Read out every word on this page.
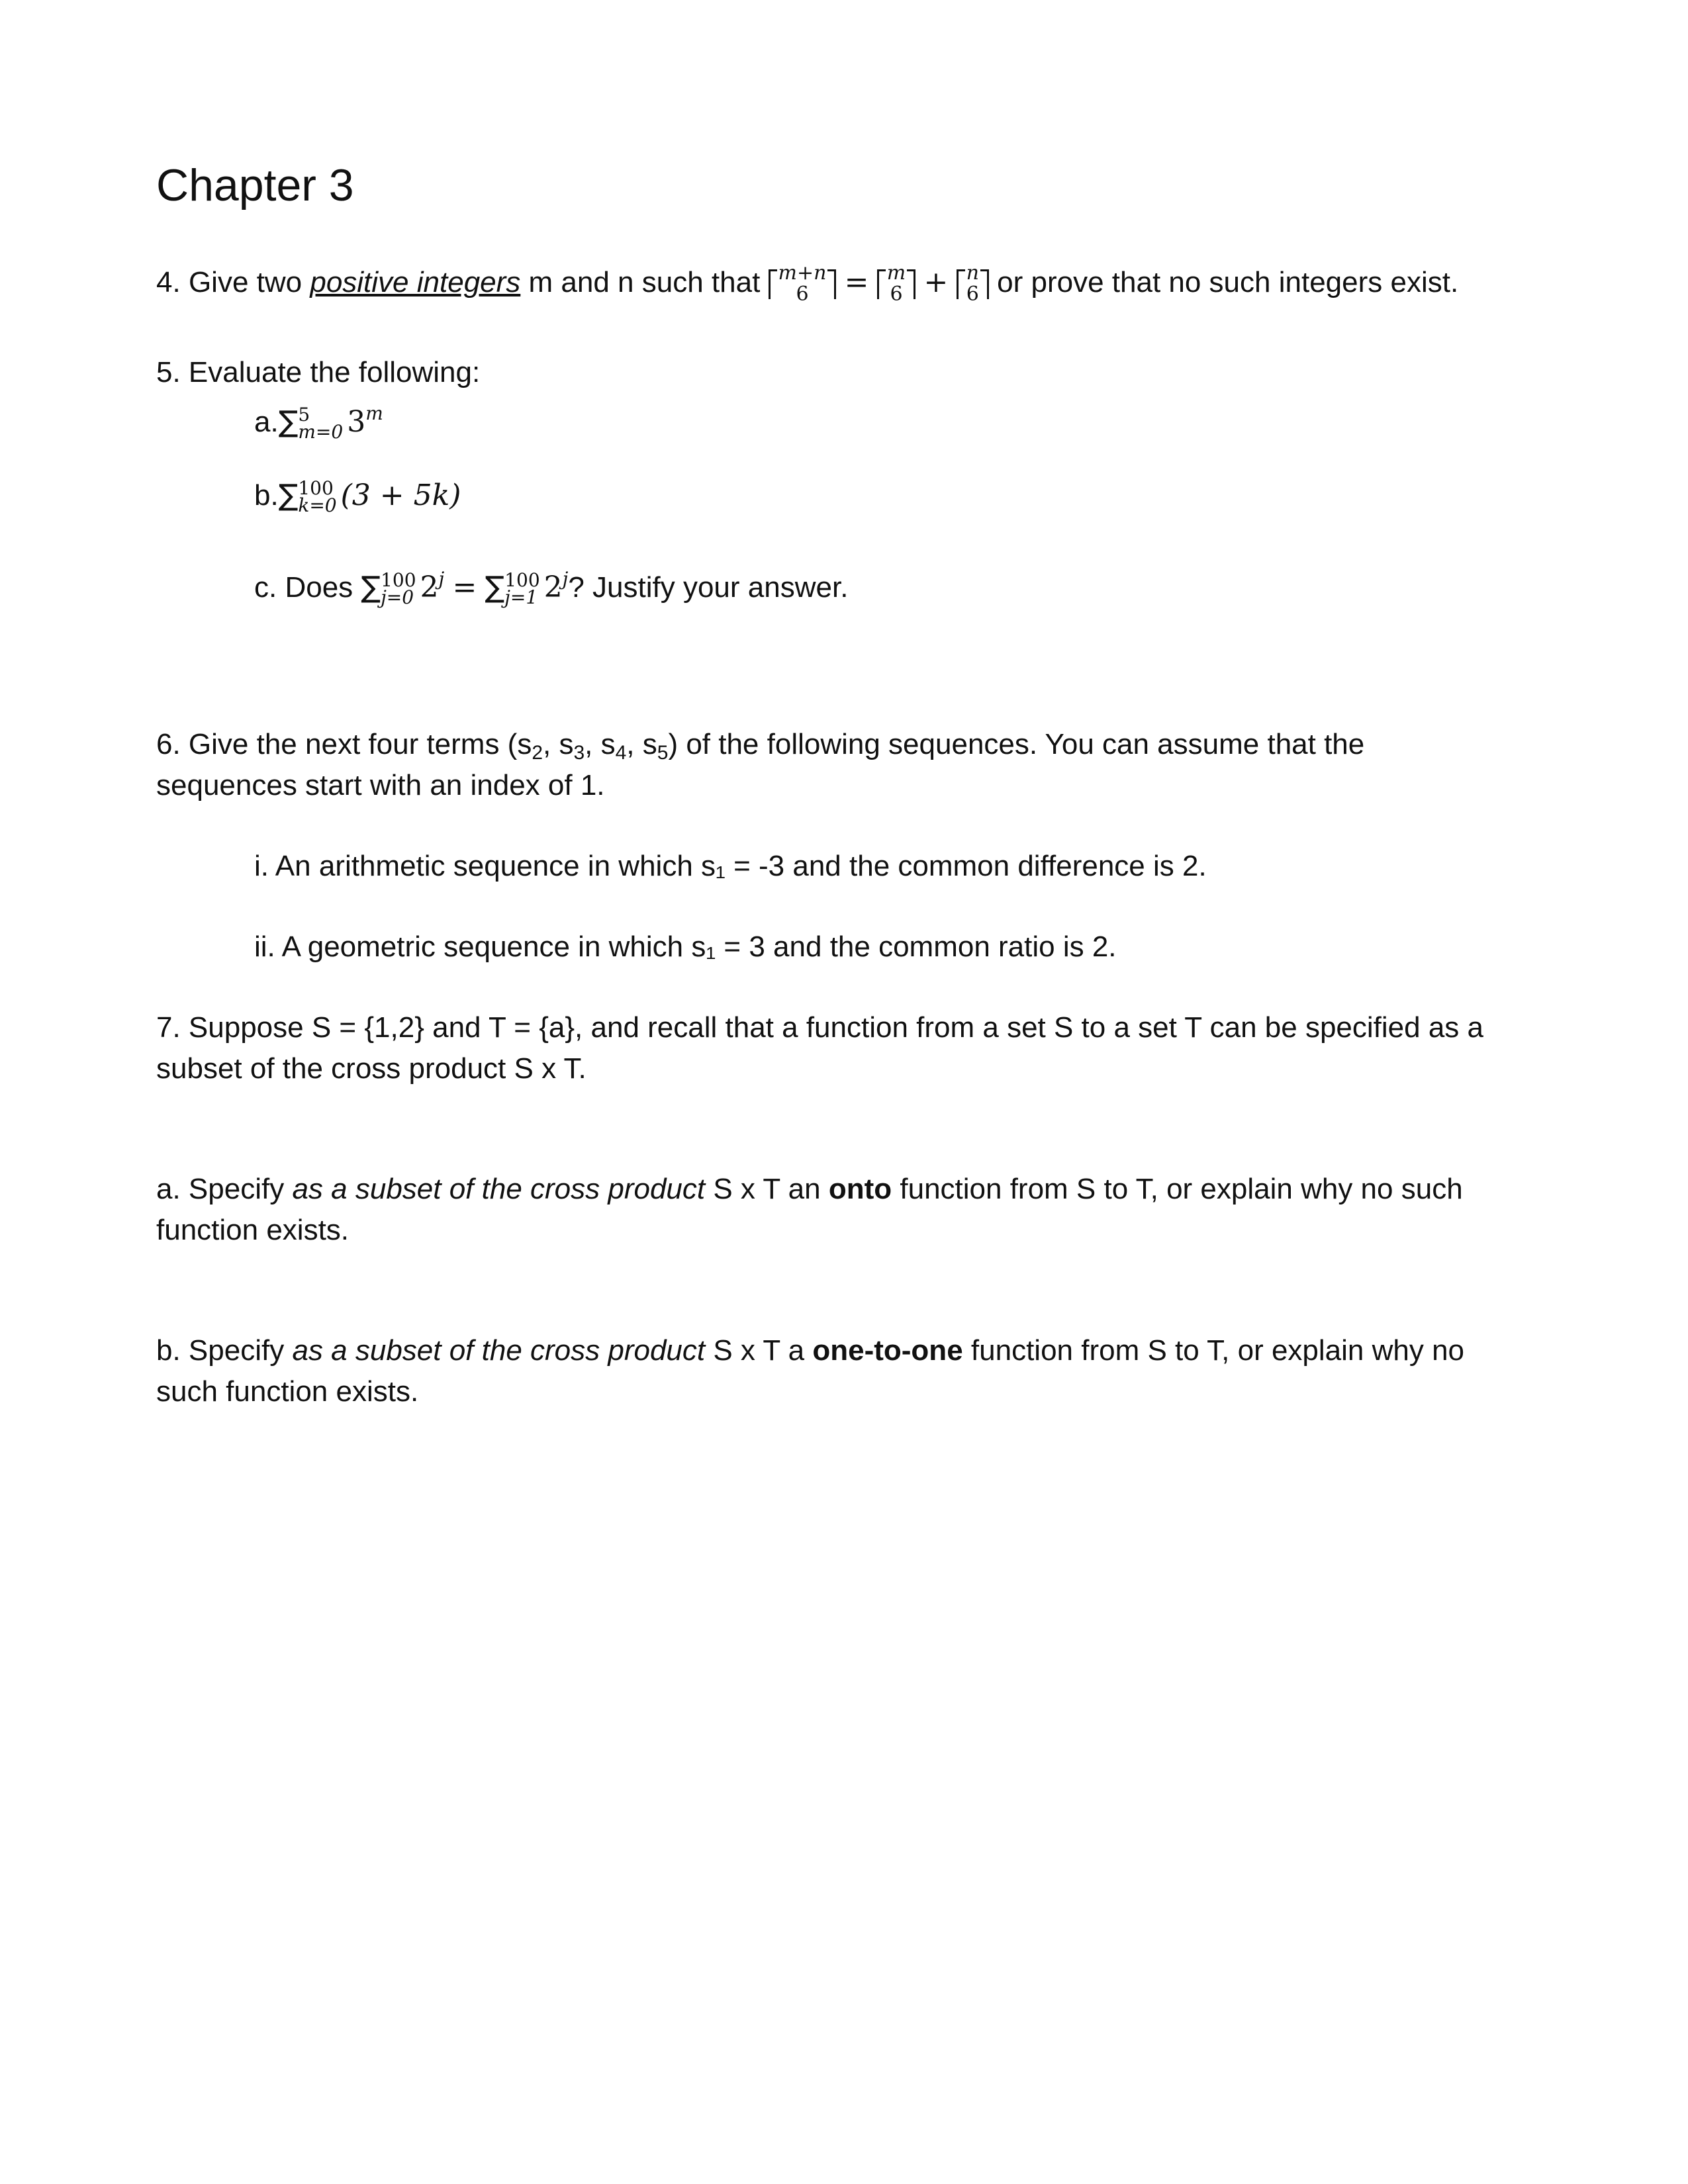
Chapter 3
4. Give two positive integers m and n such that m+n
6	= m
6 + n
6 or prove that no such integers exist.
5. Evaluate the following:
a.∑ 5
m=0 3$^m$
b.∑ 100
k=0 (3 + 5k)
c. Does ∑ 100
j=0 $2^j$ = ∑ 100
j=1 2$^j$? Justify your answer.
6. Give the next four terms ($s_2$, $s_3$, $s_4$, $s_5$) of the following sequences. You can assume that the
sequences start with an index of 1.
i. An arithmetic sequence in which s₁ = -3 and the common difference is 2.
ii. A geometric sequence in which s₁ = 3 and the common ratio is 2.
7. Suppose S = {1,2} and T = {a}, and recall that a function from a set S to a set T can be specified as a
subset of the cross product S x T.
a. Specify as a subset of the cross product S x T an onto function from S to T, or explain why no such
function exists.
b. Specify as a subset of the cross product S x T a one-to-one function from S to T, or explain why no
such function exists.
